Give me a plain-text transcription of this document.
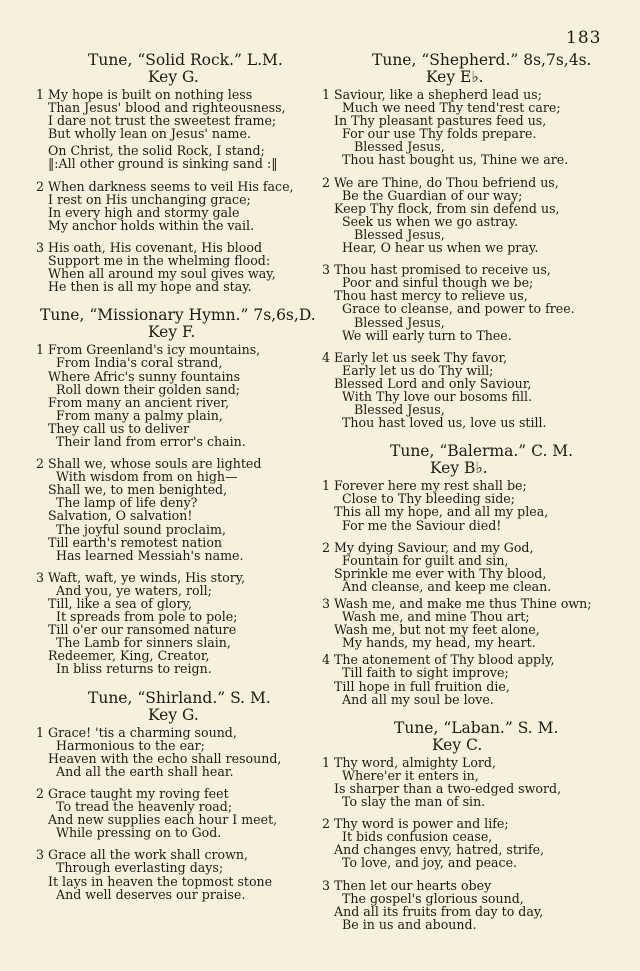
183

Tune, “Solid Rock.” L.M.

Key G.

1 My hope is built on nothing less
Than Jesus' blood and righteousness,
I dare not trust the sweetest frame;
But wholly lean on Jesus' name.
On Christ, the solid Rock, I stand;
‖:All other ground is sinking sand :‖
2 When darkness seems to veil His face,
I rest on His unchanging grace;
In every high and stormy gale
My anchor holds within the vail.
3 His oath, His covenant, His blood
Support me in the whelming flood:
When all around my soul gives way,
He then is all my hope and stay.

Tune, “Missionary Hymn.” 7s,6s,D.

Key F.

1 From Greenland's icy mountains,
From India's coral strand,
Where Afric's sunny fountains
Roll down their golden sand;
From many an ancient river,
From many a palmy plain,
They call us to deliver
Their land from error's chain.
2 Shall we, whose souls are lighted
With wisdom from on high—
Shall we, to men benighted,
The lamp of life deny?
Salvation, O salvation!
The joyful sound proclaim,
Till earth's remotest nation
Has learned Messiah's name.
3 Waft, waft, ye winds, His story,
And you, ye waters, roll;
Till, like a sea of glory,
It spreads from pole to pole;
Till o'er our ransomed nature
The Lamb for sinners slain,
Redeemer, King, Creator,
In bliss returns to reign.

Tune, “Shirland.” S. M.

Key G.

1 Grace! 'tis a charming sound,
Harmonious to the ear;
Heaven with the echo shall resound,
And all the earth shall hear.
2 Grace taught my roving feet
To tread the heavenly road;
And new supplies each hour I meet,
While pressing on to God.
3 Grace all the work shall crown,
Through everlasting days;
It lays in heaven the topmost stone
And well deserves our praise.

Tune, “Shepherd.” 8s,7s,4s.

Key E♭.

1 Saviour, like a shepherd lead us;
Much we need Thy tend'rest care;
In Thy pleasant pastures feed us,
For our use Thy folds prepare.
Blessed Jesus,
Thou hast bought us, Thine we are.
2 We are Thine, do Thou befriend us,
Be the Guardian of our way;
Keep Thy flock, from sin defend us,
Seek us when we go astray.
Blessed Jesus,
Hear, O hear us when we pray.
3 Thou hast promised to receive us,
Poor and sinful though we be;
Thou hast mercy to relieve us,
Grace to cleanse, and power to free.
Blessed Jesus,
We will early turn to Thee.
4 Early let us seek Thy favor,
Early let us do Thy will;
Blessed Lord and only Saviour,
With Thy love our bosoms fill.
Blessed Jesus,
Thou hast loved us, love us still.

Tune, “Balerma.” C. M.

Key B♭.

1 Forever here my rest shall be;
Close to Thy bleeding side;
This all my hope, and all my plea,
For me the Saviour died!
2 My dying Saviour, and my God,
Fountain for guilt and sin,
Sprinkle me ever with Thy blood,
And cleanse, and keep me clean.
3 Wash me, and make me thus Thine own;
Wash me, and mine Thou art;
Wash me, but not my feet alone,
My hands, my head, my heart.
4 The atonement of Thy blood apply,
Till faith to sight improve;
Till hope in full fruition die,
And all my soul be love.

Tune, “Laban.” S. M.

Key C.

1 Thy word, almighty Lord,
Where'er it enters in,
Is sharper than a two-edged sword,
To slay the man of sin.
2 Thy word is power and life;
It bids confusion cease,
And changes envy, hatred, strife,
To love, and joy, and peace.
3 Then let our hearts obey
The gospel's glorious sound,
And all its fruits from day to day,
Be in us and abound.
